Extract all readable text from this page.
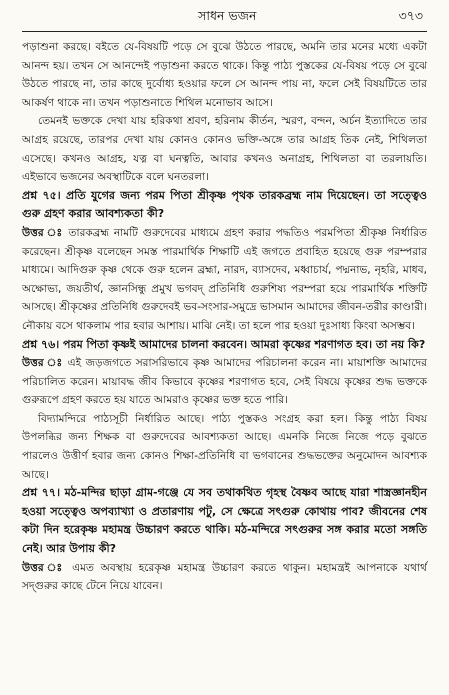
সাধন ভজন	৩৭৩

পড়াশুনা করছে। বইতে যে-বিষয়টি পড়ে সে বুঝে উঠতে পারছে, অমনি তার মনের মধ্যে একটা আনন্দ হয়। তখন সে আনন্দেই পড়াশুনা করতে থাকে। কিন্তু পাঠ্য পুস্তকের যে-বিষয় পড়ে সে বুঝে উঠতে পারছে না, তার কাছে দুর্বোধ্য হওয়ার ফলে সে আনন্দ পায় না, ফলে সেই বিষয়টিতে তার আকর্ষণ থাকে না। তখন পড়াশুনাতে শিথিল মনোভাব আসে।

তেমনই ভক্তকে দেখা যায় হরিকথা শ্রবণ, হরিনাম কীর্তন, স্মরণ, বন্দন, অর্চন ইত্যাদিতে তার আগ্রহ রয়েছে, তারপর দেখা যায় কোনও কোনও ভক্তি-অঙ্গে তার আগ্রহ তিক নেই, শিথিলতা এসেছে। কখনও আগ্রহ, যত্ন বা ঘনত্বতি, আবার কখনও অনাগ্রহ, শিথিলতা বা তরলায়তি। এইভাবে ভজনের অবস্থাটিকে বলে ঘনতরলা।

প্রশ্ন ৭৫। প্রতি যুগের জন্য পরম পিতা শ্রীকৃষ্ণ পৃথক তারকব্রহ্ম নাম দিয়েছেন। তা সত্ত্বেও গুরু গ্রহণ করার আবশ্যকতা কী?

উত্তর ঃ তারকব্রহ্ম নামটি গুরুদেবের মাধ্যমে গ্রহণ করার পদ্ধতিও পরমপিতা শ্রীকৃষ্ণ নির্ধারিত করেছেন। শ্রীকৃষ্ণ বলেছেন সমস্ত পারমার্থিক শিক্ষাটি এই জগতে প্রবাহিত হয়েছে গুরু পরম্পরার মাধ্যমে। আদিগুরু কৃষ্ণ থেকে গুরু হলেন ব্রহ্মা, নারদ, ব্যাসদেব, মধ্বাচার্য, পদ্মনাভ, নৃহরি, মাধব, অক্ষোভ্য, জয়তীর্থ, জ্ঞানসিন্ধু প্রমুখ ভগবদ্ প্রতিনিধি গুরুশিষ্য পরম্পরা হয়ে পারমার্থিক শক্তিটি আসছে। শ্রীকৃষ্ণের প্রতিনিধি গুরুদেবই ভব-সংসার-সমুদ্রে ভাসমান আমাদের জীবন-তরীর কাণ্ডারী। নৌকায় বসে থাকলাম পার হবার আশায়। মাঝি নেই। তা হলে পার হওয়া দুঃসাধ্য কিংবা অসম্ভব।

প্রশ্ন ৭৬। পরম পিতা কৃষ্ণই আমাদের চালনা করবেন। আমরা কৃষ্ণের শরণাগত হব। তা নয় কি?

উত্তর ঃ এই জড়জগতে সরাসরিভাবে কৃষ্ণ আমাদের পরিচালনা করেন না। মায়াশক্তি আমাদের পরিচালিত করেন। মায়াবদ্ধ জীব কিভাবে কৃষ্ণের শরণাগত হবে, সেই বিষয়ে কৃষ্ণের শুদ্ধ ভক্তকে গুরুরূপে গ্রহণ করতে হয় যাতে আমরাও কৃষ্ণের ভক্ত হতে পারি।

বিদ্যামন্দিরে পাঠ্যসূচী নির্ধারিত আছে। পাঠ্য পুস্তকও সংগ্রহ করা হল। কিন্তু পাঠ্য বিষয় উপলব্ধির জন্য শিক্ষক বা গুরুদেবের আবশ্যকতা আছে। এমনকি নিজে নিজে পড়ে বুঝতে পারলেও উত্তীর্ণ হবার জন্য কোনও শিক্ষা-প্রতিনিধি বা ভগবানের শুদ্ধভক্তের অনুমোদন আবশ্যক আছে।

প্রশ্ন ৭৭। মঠ-মন্দির ছাড়া গ্রাম-গঞ্জে যে সব তথাকথিত গৃহস্থ বৈষ্ণব আছে যারা শাস্ত্রজ্ঞানহীন হওয়া সত্ত্বেও অপব্যাখ্যা ও প্রতারণায় পটু, সে ক্ষেত্রে সৎগুরু কোথায় পাব? জীবনের শেষ কটা দিন হরেকৃষ্ণ মহামন্ত্র উচ্চারণ করতে থাকি। মঠ-মন্দিরে সৎগুরুর সঙ্গ করার মতো সঙ্গতি নেই। আর উপায় কী?

উত্তর ঃ এমত অবস্থায় হরেকৃষ্ণ মহামন্ত্র উচ্চারণ করতে থাকুন। মহামন্ত্রই আপনাকে যথার্থ সদ্গুরুর কাছে টেনে নিয়ে যাবেন।
